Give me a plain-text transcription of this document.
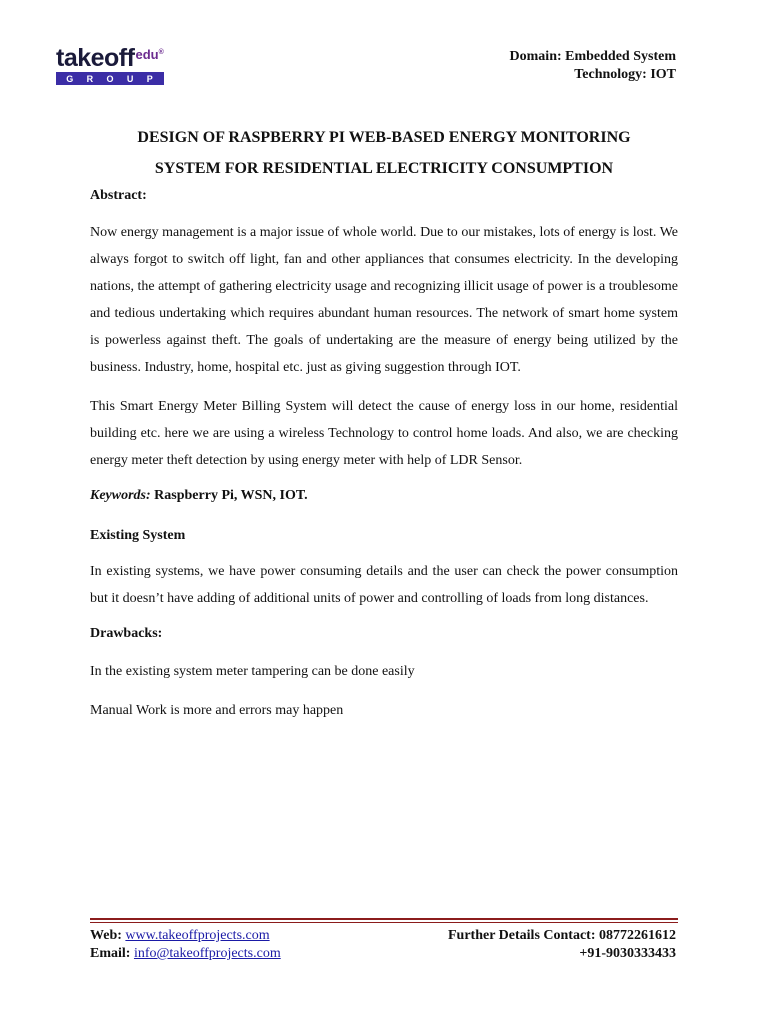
takeoff$^{edu®}$
G R O U P
Domain: Embedded System
Technology: IOT
DESIGN OF RASPBERRY PI WEB-BASED ENERGY MONITORING
SYSTEM FOR RESIDENTIAL ELECTRICITY CONSUMPTION

Abstract:

Now energy management is a major issue of whole world. Due to our mistakes, lots of energy is lost. We always forgot to switch off light, fan and other appliances that consumes electricity. In the developing nations, the attempt of gathering electricity usage and recognizing illicit usage of power is a troublesome and tedious undertaking which requires abundant human resources. The network of smart home system is powerless against theft. The goals of undertaking are the measure of energy being utilized by the business. Industry, home, hospital etc. just as giving suggestion through IOT.

This Smart Energy Meter Billing System will detect the cause of energy loss in our home, residential building etc. here we are using a wireless Technology to control home loads. And also, we are checking energy meter theft detection by using energy meter with help of LDR Sensor.

Keywords: Raspberry Pi, WSN, IOT.

Existing System

In existing systems, we have power consuming details and the user can check the power consumption but it doesn’t have adding of additional units of power and controlling of loads from long distances.

Drawbacks:

In the existing system meter tampering can be done easily

Manual Work is more and errors may happen

Web: www.takeoffprojects.com
Email: info@takeoffprojects.com
Further Details Contact: 08772261612
+91-9030333433
